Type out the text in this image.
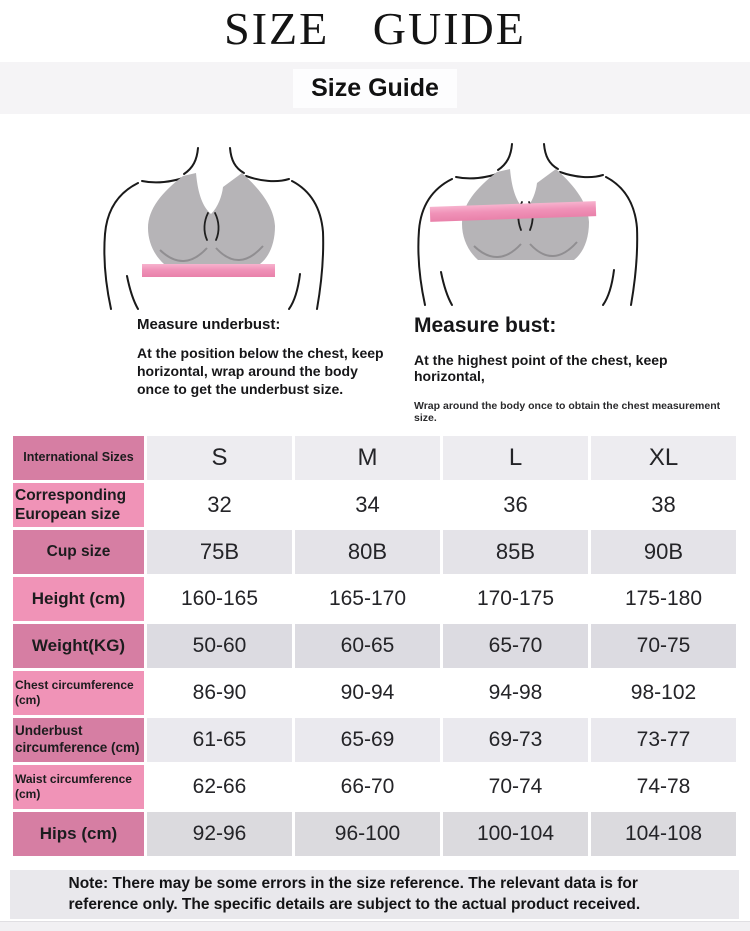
SIZE GUIDE
Size Guide
Measure underbust:

At the position below the chest, keep horizontal, wrap around the body once to get the underbust size.

Measure bust:

At the highest point of the chest, keep horizontal,

Wrap around the body once to obtain the chest measurement size.

International Sizes	S	M	L	XL
Corresponding European size	32	34	36	38
Cup size	75B	80B	85B	90B
Height (cm)	160-165	165-170	170-175	175-180
Weight(KG)	50-60	60-65	65-70	70-75
Chest circumference (cm)	86-90	90-94	94-98	98-102
Underbust circumference (cm)	61-65	65-69	69-73	73-77
Waist circumference (cm)	62-66	66-70	70-74	74-78
Hips (cm)	92-96	96-100	100-104	104-108

Note: There may be some errors in the size reference. The relevant data is for reference only. The specific details are subject to the actual product received.
